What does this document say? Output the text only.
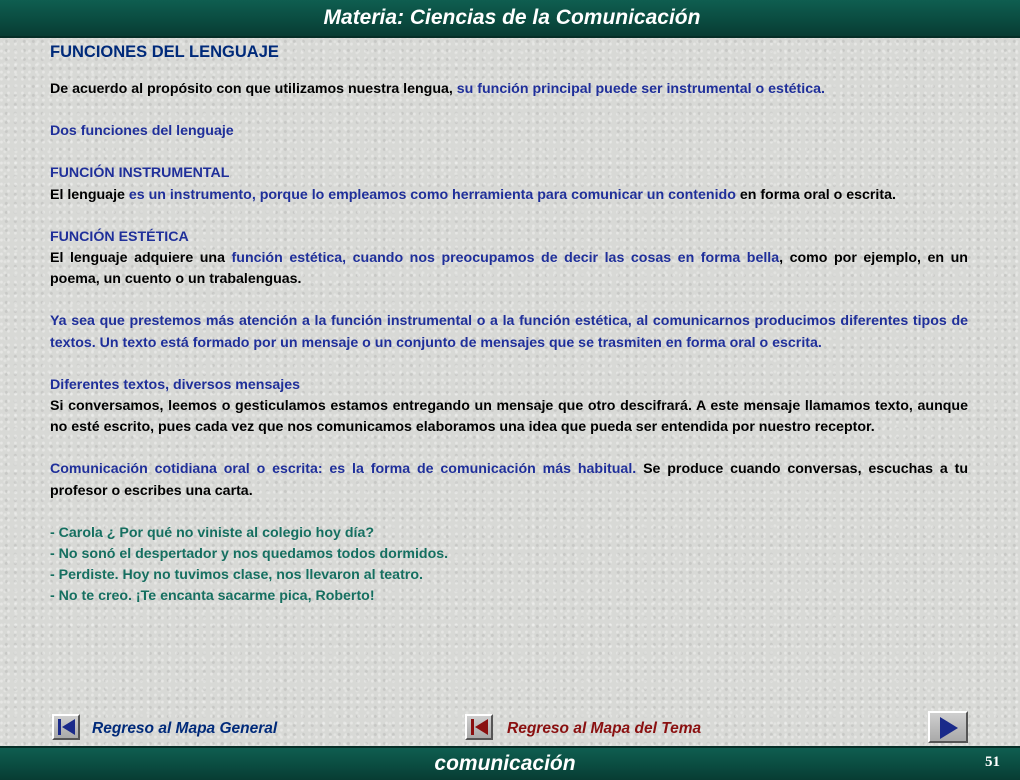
Materia: Ciencias de la Comunicación
FUNCIONES DEL LENGUAJE

De acuerdo al propósito con que utilizamos nuestra lengua, su función principal puede ser instrumental o estética.

Dos funciones del lenguaje

FUNCIÓN INSTRUMENTAL

El lenguaje es un instrumento, porque lo empleamos como herramienta para comunicar un contenido en forma oral o escrita.

FUNCIÓN ESTÉTICA

El lenguaje adquiere una función estética, cuando nos preocupamos de decir las cosas en forma bella, como por ejemplo, en un poema, un cuento o un trabalenguas.

Ya sea que prestemos más atención a la función instrumental o a la función estética, al comunicarnos producimos diferentes tipos de textos. Un texto está formado por un mensaje o un conjunto de mensajes que se trasmiten en forma oral o escrita.

Diferentes textos, diversos mensajes

Si conversamos, leemos o gesticulamos estamos entregando un mensaje que otro descifrará. A este mensaje llamamos texto, aunque no esté escrito, pues cada vez que nos comunicamos elaboramos una idea que pueda ser entendida por nuestro receptor.

Comunicación cotidiana oral o escrita: es la forma de comunicación más habitual. Se produce cuando conversas, escuchas a tu profesor o escribes una carta.

- Carola ¿ Por qué no viniste al colegio hoy día?

- No sonó el despertador y nos quedamos todos dormidos.

- Perdiste. Hoy no tuvimos clase, nos llevaron al teatro.

- No te creo. ¡Te encanta sacarme pica, Roberto!

Regreso al Mapa General	Regreso al Mapa del Tema
comunicación	51
